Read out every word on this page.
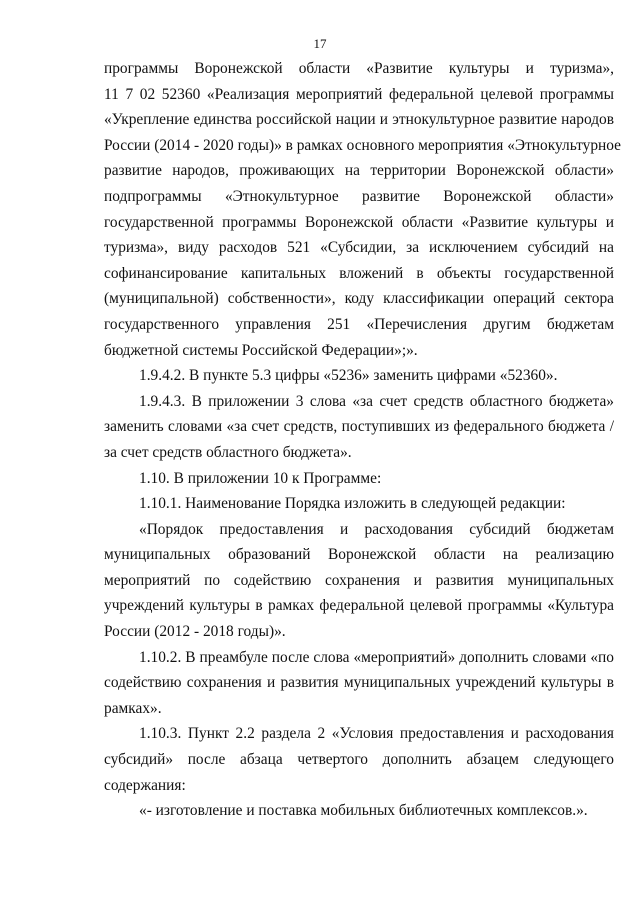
17
программы Воронежской области «Развитие культуры и туризма»,
11 7 02 52360 «Реализация мероприятий федеральной целевой программы
«Укрепление единства российской нации и этнокультурное развитие народов
России (2014 - 2020 годы)» в рамках основного мероприятия «Этнокультурное
развитие народов, проживающих на территории Воронежской области»
подпрограммы «Этнокультурное развитие Воронежской области»
государственной программы Воронежской области «Развитие культуры и
туризма», виду расходов 521 «Субсидии, за исключением субсидий на
софинансирование капитальных вложений в объекты государственной
(муниципальной) собственности», коду классификации операций сектора
государственного управления 251 «Перечисления другим бюджетам
бюджетной системы Российской Федерации»;».
1.9.4.2. В пункте 5.3 цифры «5236» заменить цифрами «52360».
1.9.4.3. В приложении 3 слова «за счет средств областного бюджета»
заменить словами «за счет средств, поступивших из федерального бюджета /
за счет средств областного бюджета».
1.10. В приложении 10 к Программе:
1.10.1. Наименование Порядка изложить в следующей редакции:
«Порядок предоставления и расходования субсидий бюджетам
муниципальных образований Воронежской области на реализацию
мероприятий по содействию сохранения и развития муниципальных
учреждений культуры в рамках федеральной целевой программы «Культура
России (2012 - 2018 годы)».
1.10.2. В преамбуле после слова «мероприятий» дополнить словами «по
содействию сохранения и развития муниципальных учреждений культуры в
рамках».
1.10.3. Пункт 2.2 раздела 2 «Условия предоставления и расходования
субсидий» после абзаца четвертого дополнить абзацем следующего
содержания:
«- изготовление и поставка мобильных библиотечных комплексов.».
